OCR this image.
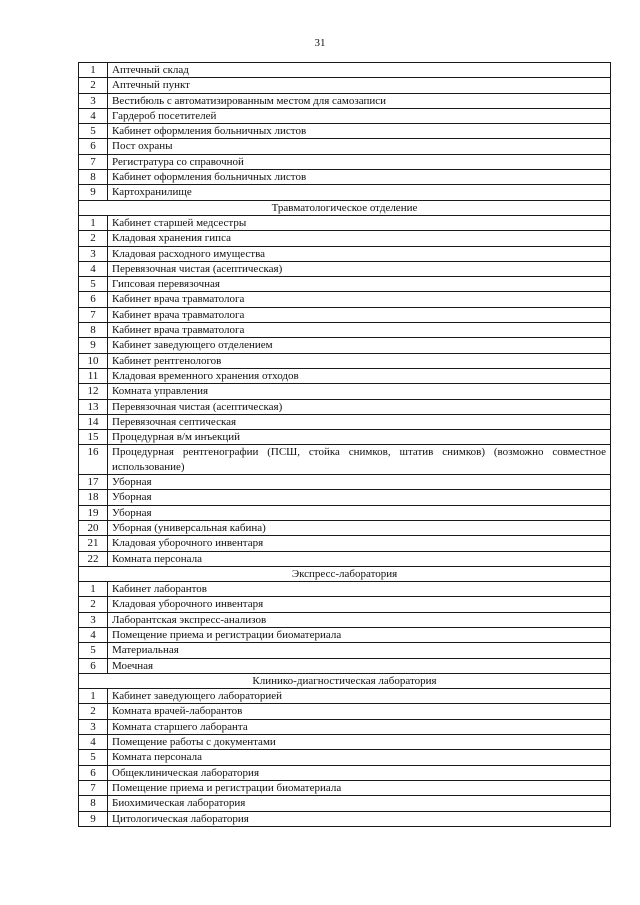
31
1	Аптечный склад
2	Аптечный пункт
3	Вестибюль с автоматизированным местом для самозаписи
4	Гардероб посетителей
5	Кабинет оформления больничных листов
6	Пост охраны
7	Регистратура со справочной
8	Кабинет оформления больничных листов
9	Картохранилище
Травматологическое отделение	
1	Кабинет старшей медсестры
2	Кладовая хранения гипса
3	Кладовая расходного имущества
4	Перевязочная чистая (асептическая)
5	Гипсовая перевязочная
6	Кабинет врача травматолога
7	Кабинет врача травматолога
8	Кабинет врача травматолога
9	Кабинет заведующего отделением
10	Кабинет рентгенологов
11	Кладовая временного хранения отходов
12	Комната управления
13	Перевязочная чистая (асептическая)
14	Перевязочная септическая
15	Процедурная в/м инъекций
16	Процедурная рентгенографии (ПСШ, стойка снимков, штатив снимков) (возможно совместное использование)
17	Уборная
18	Уборная
19	Уборная
20	Уборная (универсальная кабина)
21	Кладовая уборочного инвентаря
22	Комната персонала
Экспресс-лаборатория	
1	Кабинет лаборантов
2	Кладовая уборочного инвентаря
3	Лаборантская экспресс-анализов
4	Помещение приема и регистрации биоматериала
5	Материальная
6	Моечная
Клинико-диагностическая лаборатория	
1	Кабинет заведующего лабораторией
2	Комната врачей-лаборантов
3	Комната старшего лаборанта
4	Помещение работы с документами
5	Комната персонала
6	Общеклиническая лаборатория
7	Помещение приема и регистрации биоматериала
8	Биохимическая лаборатория
9	Цитологическая лаборатория
